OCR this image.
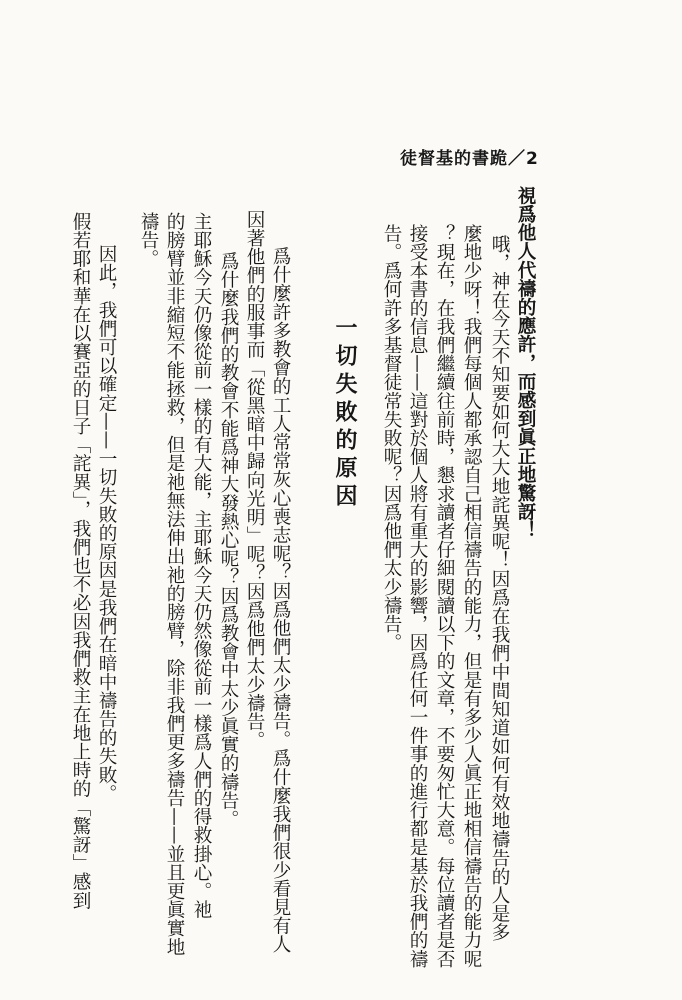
徒督基的書跪／2
視爲他人代禱的應許，而感到眞正地驚訝！
　哦，神在今天不知要如何大大地詫異呢！因爲在我們中間知道如何有效地禱告的人是多
麼地少呀！我們每個人都承認自己相信禱告的能力，但是有多少人眞正地相信禱告的能力呢
？現在，在我們繼續往前時，懇求讀者仔細閱讀以下的文章，不要匆忙大意。每位讀者是否
接受本書的信息——這對於個人將有重大的影響，因爲任何一件事的進行都是基於我們的禱
告。爲何許多基督徒常失敗呢？因爲他們太少禱告。
一切失敗的原因
　爲什麼許多教會的工人常常灰心喪志呢？因爲他們太少禱告。爲什麼我們很少看見有人
因著他們的服事而「從黑暗中歸向光明」呢？因爲他們太少禱告。
　爲什麼我們的教會不能爲神大發熱心呢？因爲教會中太少眞實的禱告。
主耶穌今天仍像從前一樣的有大能，主耶穌今天仍然像從前一樣爲人們的得救掛心。祂
的膀臂並非縮短不能拯救，但是祂無法伸出祂的膀臂，除非我們更多禱告——並且更眞實地
禱告。
　因此，我們可以確定——一切失敗的原因是我們在暗中禱告的失敗。
假若耶和華在以賽亞的日子「詫異」，我們也不必因我們救主在地上時的「驚訝」感到
